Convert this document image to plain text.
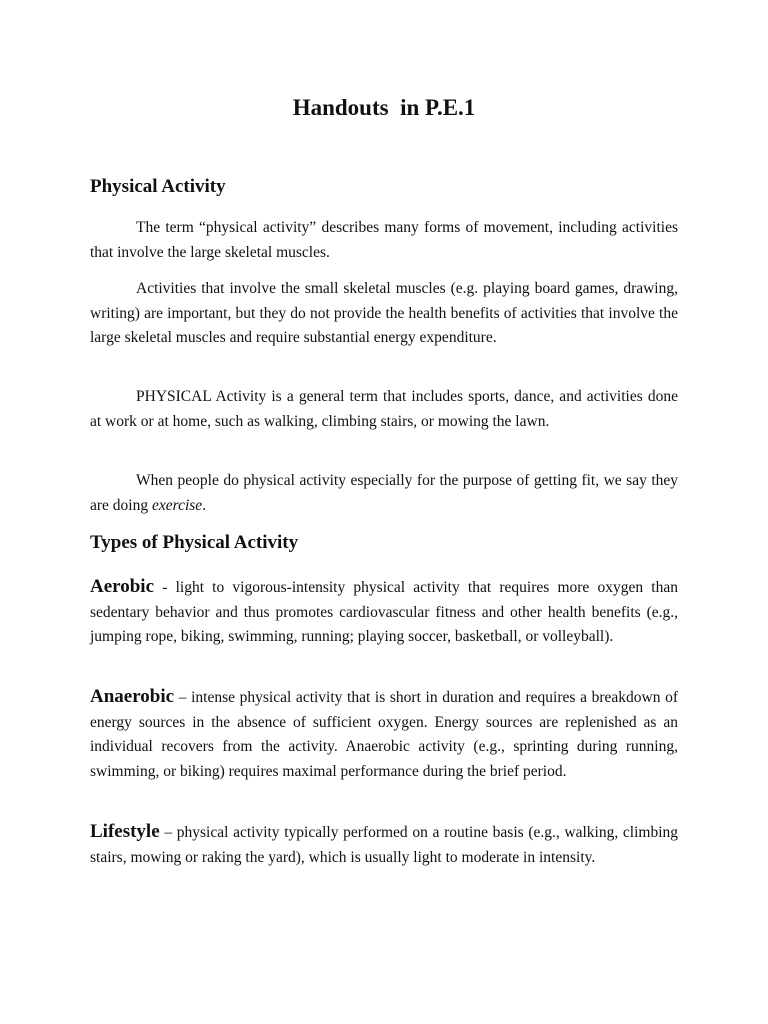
Handouts  in P.E.1
Physical Activity

The term “physical activity” describes many forms of movement, including activities that involve the large skeletal muscles.

Activities that involve the small skeletal muscles (e.g. playing board games, drawing, writing) are important, but they do not provide the health benefits of activities that involve the large skeletal muscles and require substantial energy expenditure.

PHYSICAL Activity is a general term that includes sports, dance, and activities done at work or at home, such as walking, climbing stairs, or mowing the lawn.

When people do physical activity especially for the purpose of getting fit, we say they are doing exercise.

Types of Physical Activity

Aerobic - light to vigorous-intensity physical activity that requires more oxygen than sedentary behavior and thus promotes cardiovascular fitness and other health benefits (e.g., jumping rope, biking, swimming, running; playing soccer, basketball, or volleyball).

Anaerobic – intense physical activity that is short in duration and requires a breakdown of energy sources in the absence of sufficient oxygen. Energy sources are replenished as an individual recovers from the activity. Anaerobic activity (e.g., sprinting during running, swimming, or biking) requires maximal performance during the brief period.

Lifestyle – physical activity typically performed on a routine basis (e.g., walking, climbing stairs, mowing or raking the yard), which is usually light to moderate in intensity.
